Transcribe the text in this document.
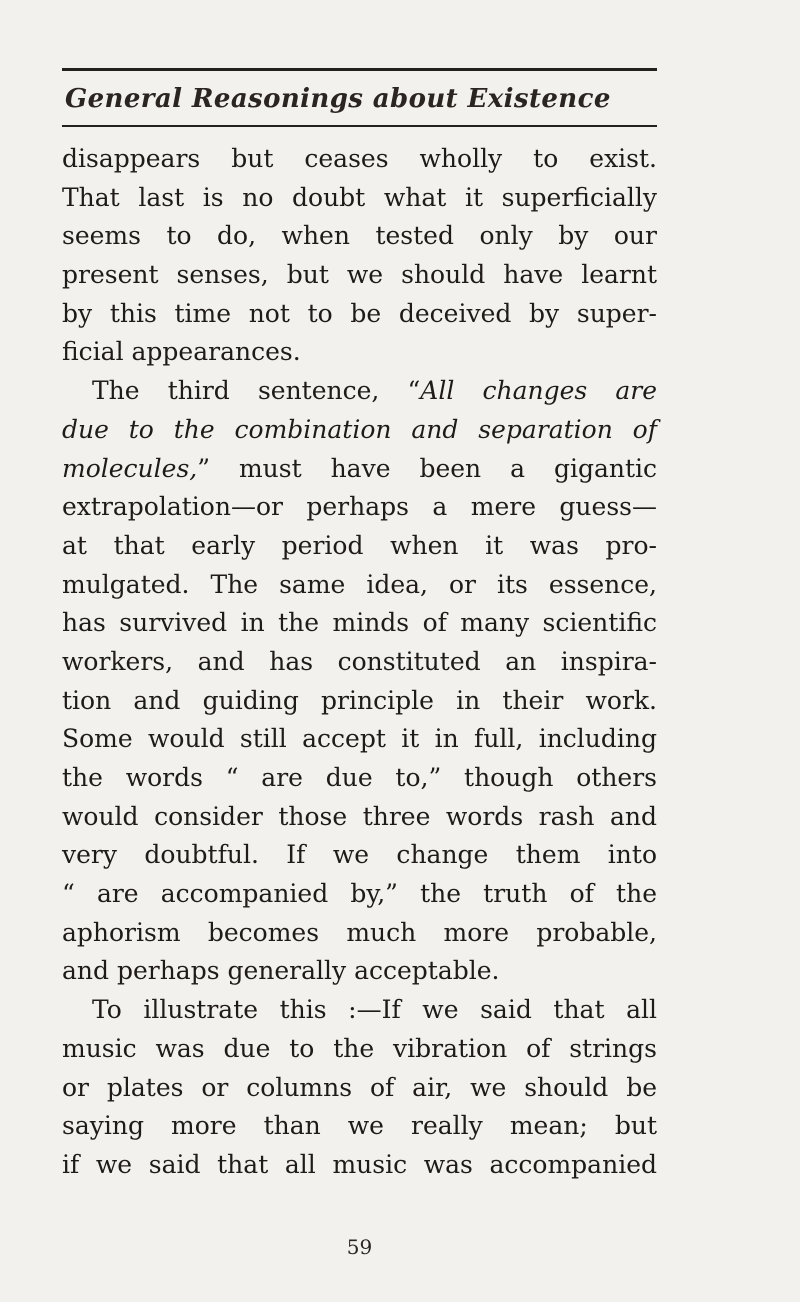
General Reasonings about Existence
disappears but ceases wholly to exist.
That last is no doubt what it superficially
seems to do, when tested only by our
present senses, but we should have learnt
by this time not to be deceived by super-
ficial appearances.
The third sentence, “All changes are
due to the combination and separation of
molecules,” must have been a gigantic
extrapolation—or perhaps a mere guess—
at that early period when it was pro-
mulgated. The same idea, or its essence,
has survived in the minds of many scientific
workers, and has constituted an inspira-
tion and guiding principle in their work.
Some would still accept it in full, including
the words “ are due to,” though others
would consider those three words rash and
very doubtful. If we change them into
“ are accompanied by,” the truth of the
aphorism becomes much more probable,
and perhaps generally acceptable.
To illustrate this :—If we said that all
music was due to the vibration of strings
or plates or columns of air, we should be
saying more than we really mean; but
if we said that all music was accompanied
59
